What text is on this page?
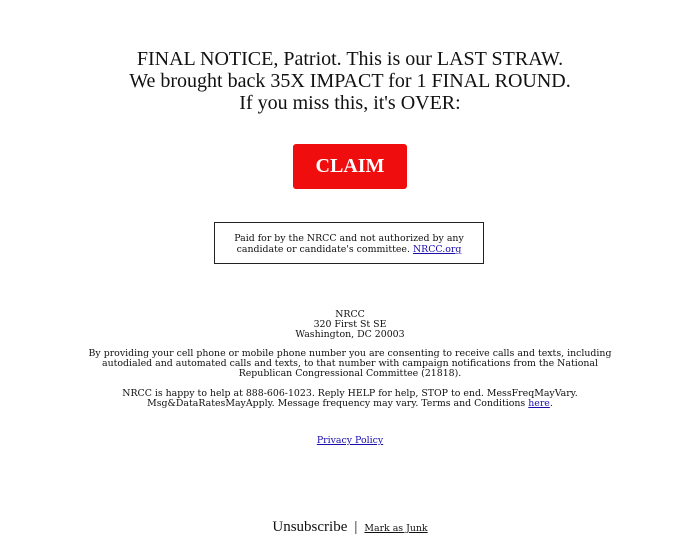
FINAL NOTICE, Patriot. This is our LAST STRAW.
We brought back 35X IMPACT for 1 FINAL ROUND.
If you miss this, it's OVER:
CLAIM
Paid for by the NRCC and not authorized by any
candidate or candidate's committee. NRCC.org
NRCC
320 First St SE
Washington, DC 20003
By providing your cell phone or mobile phone number you are consenting to receive calls and texts, including
autodialed and automated calls and texts, to that number with campaign notifications from the National
Republican Congressional Committee (21818).
NRCC is happy to help at 888-606-1023. Reply HELP for help, STOP to end. MessFreqMayVary.
Msg&DataRatesMayApply. Message frequency may vary. Terms and Conditions here.
Privacy Policy
Unsubscribe | Mark as Junk
